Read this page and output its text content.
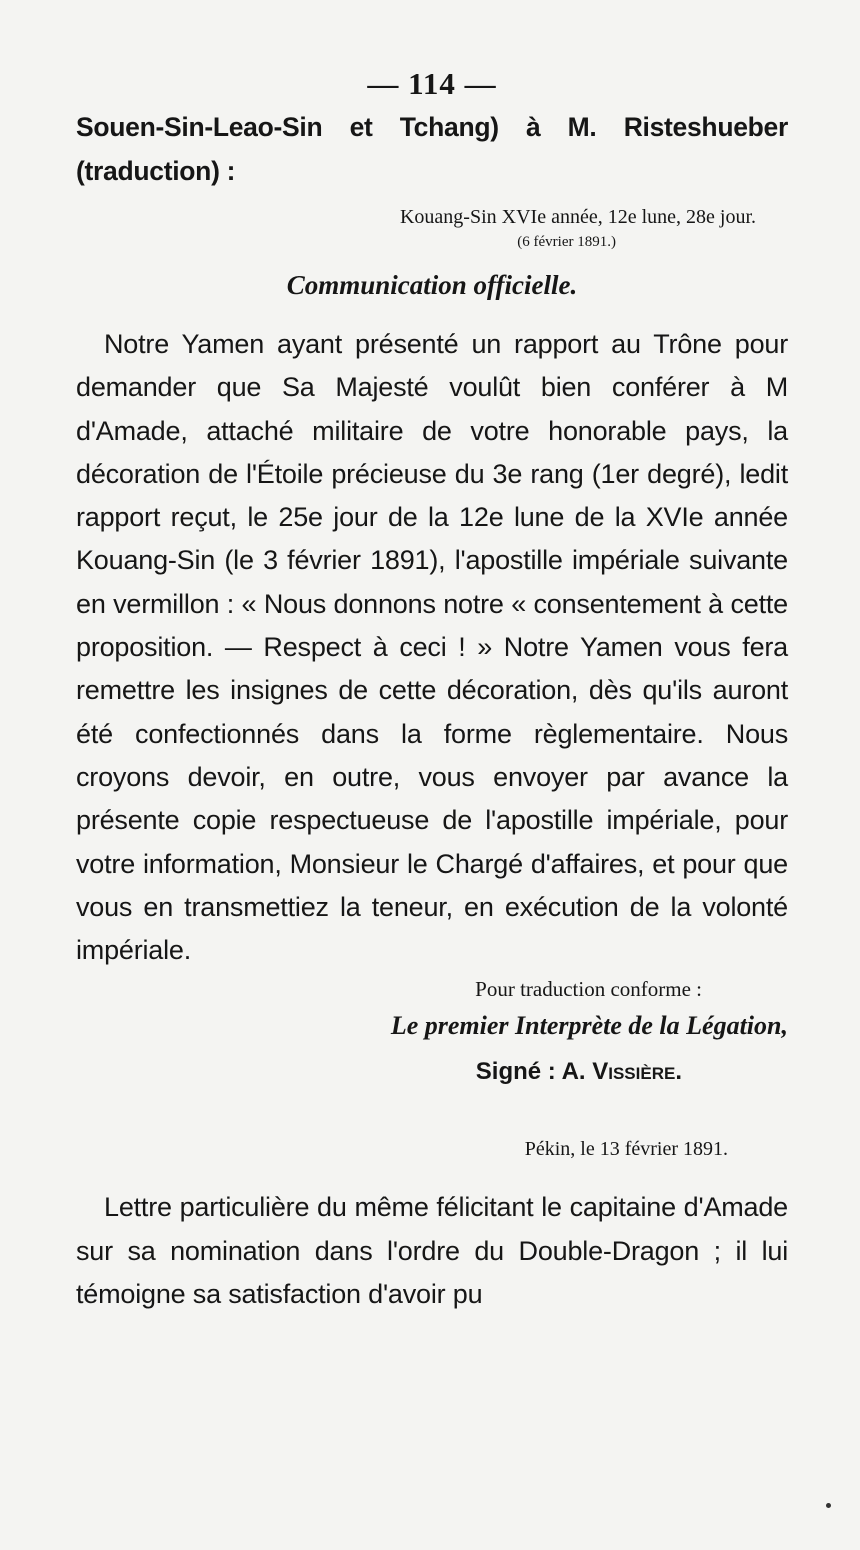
— 114 —

Souen-Sin-Leao-Sin et Tchang) à M. Risteshueber (traduction) :

Kouang-Sin XVIe année, 12e lune, 28e jour.
(6 février 1891.)
Communication officielle.

Notre Yamen ayant présenté un rapport au Trône pour demander que Sa Majesté voulût bien conférer à M d'Amade, attaché militaire de votre honorable pays, la décoration de l'Étoile précieuse du 3e rang (1er degré), ledit rapport reçut, le 25e jour de la 12e lune de la XVIe année Kouang-Sin (le 3 février 1891), l'apostille impériale suivante en vermillon : « Nous donnons notre « consentement à cette proposition. — Respect à ceci ! » Notre Yamen vous fera remettre les insignes de cette décoration, dès qu'ils auront été confectionnés dans la forme règlementaire. Nous croyons devoir, en outre, vous envoyer par avance la présente copie respectueuse de l'apostille impériale, pour votre information, Monsieur le Chargé d'affaires, et pour que vous en transmettiez la teneur, en exécution de la volonté impériale.

Pour traduction conforme :
Le premier Interprète de la Légation,
Signé : A. Vissière.
Pékin, le 13 février 1891.

Lettre particulière du même félicitant le capitaine d'Amade sur sa nomination dans l'ordre du Double-Dragon ; il lui témoigne sa satisfaction d'avoir pu
